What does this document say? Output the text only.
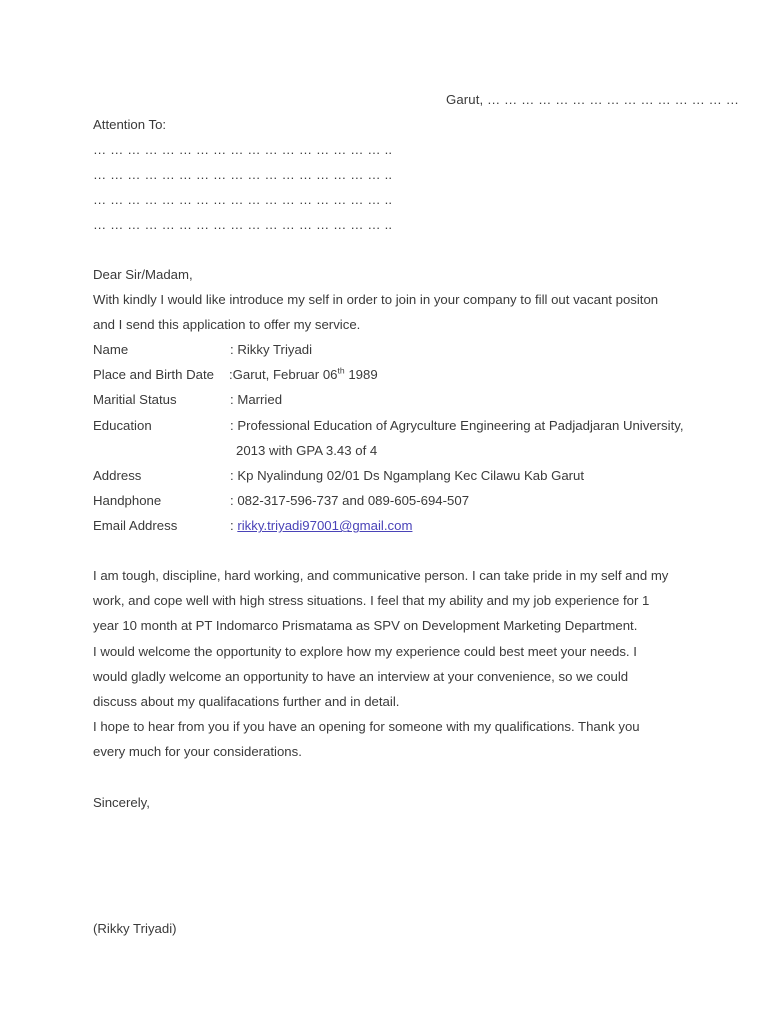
Garut, … … … … … … … … … … … … … … …
Attention To:
… … … … … … … … … … … … … … … … … ..
… … … … … … … … … … … … … … … … … ..
… … … … … … … … … … … … … … … … … ..
… … … … … … … … … … … … … … … … … ..
Dear Sir/Madam,
With kindly I would like introduce my self in order to join in your company to fill out vacant positon and I send this application to offer my service.
Name	: Rikky Triyadi
Place and Birth Date :Garut, Februar 06th 1989
Maritial Status	: Married
Education	: Professional Education of Agryculture Engineering at Padjadjaran University,
2013 with GPA 3.43 of 4
Address	: Kp Nyalindung 02/01 Ds Ngamplang Kec Cilawu Kab Garut
Handphone	: 082-317-596-737 and 089-605-694-507
Email Address	: rikky.triyadi97001@gmail.com
I am tough, discipline, hard working, and communicative person. I can take pride in my self and my work, and cope well with high stress situations. I feel that my ability and my job experience for 1 year 10 month at PT Indomarco Prismatama as SPV on Development Marketing Department.
I would welcome the opportunity to explore how my experience could best meet your needs. I would gladly welcome an opportunity to have an interview at your convenience, so we could discuss about my qualifacations further and in detail.
I hope to hear from you if you have an opening for someone with my qualifications. Thank you every much for your considerations.
Sincerely,
(Rikky Triyadi)
